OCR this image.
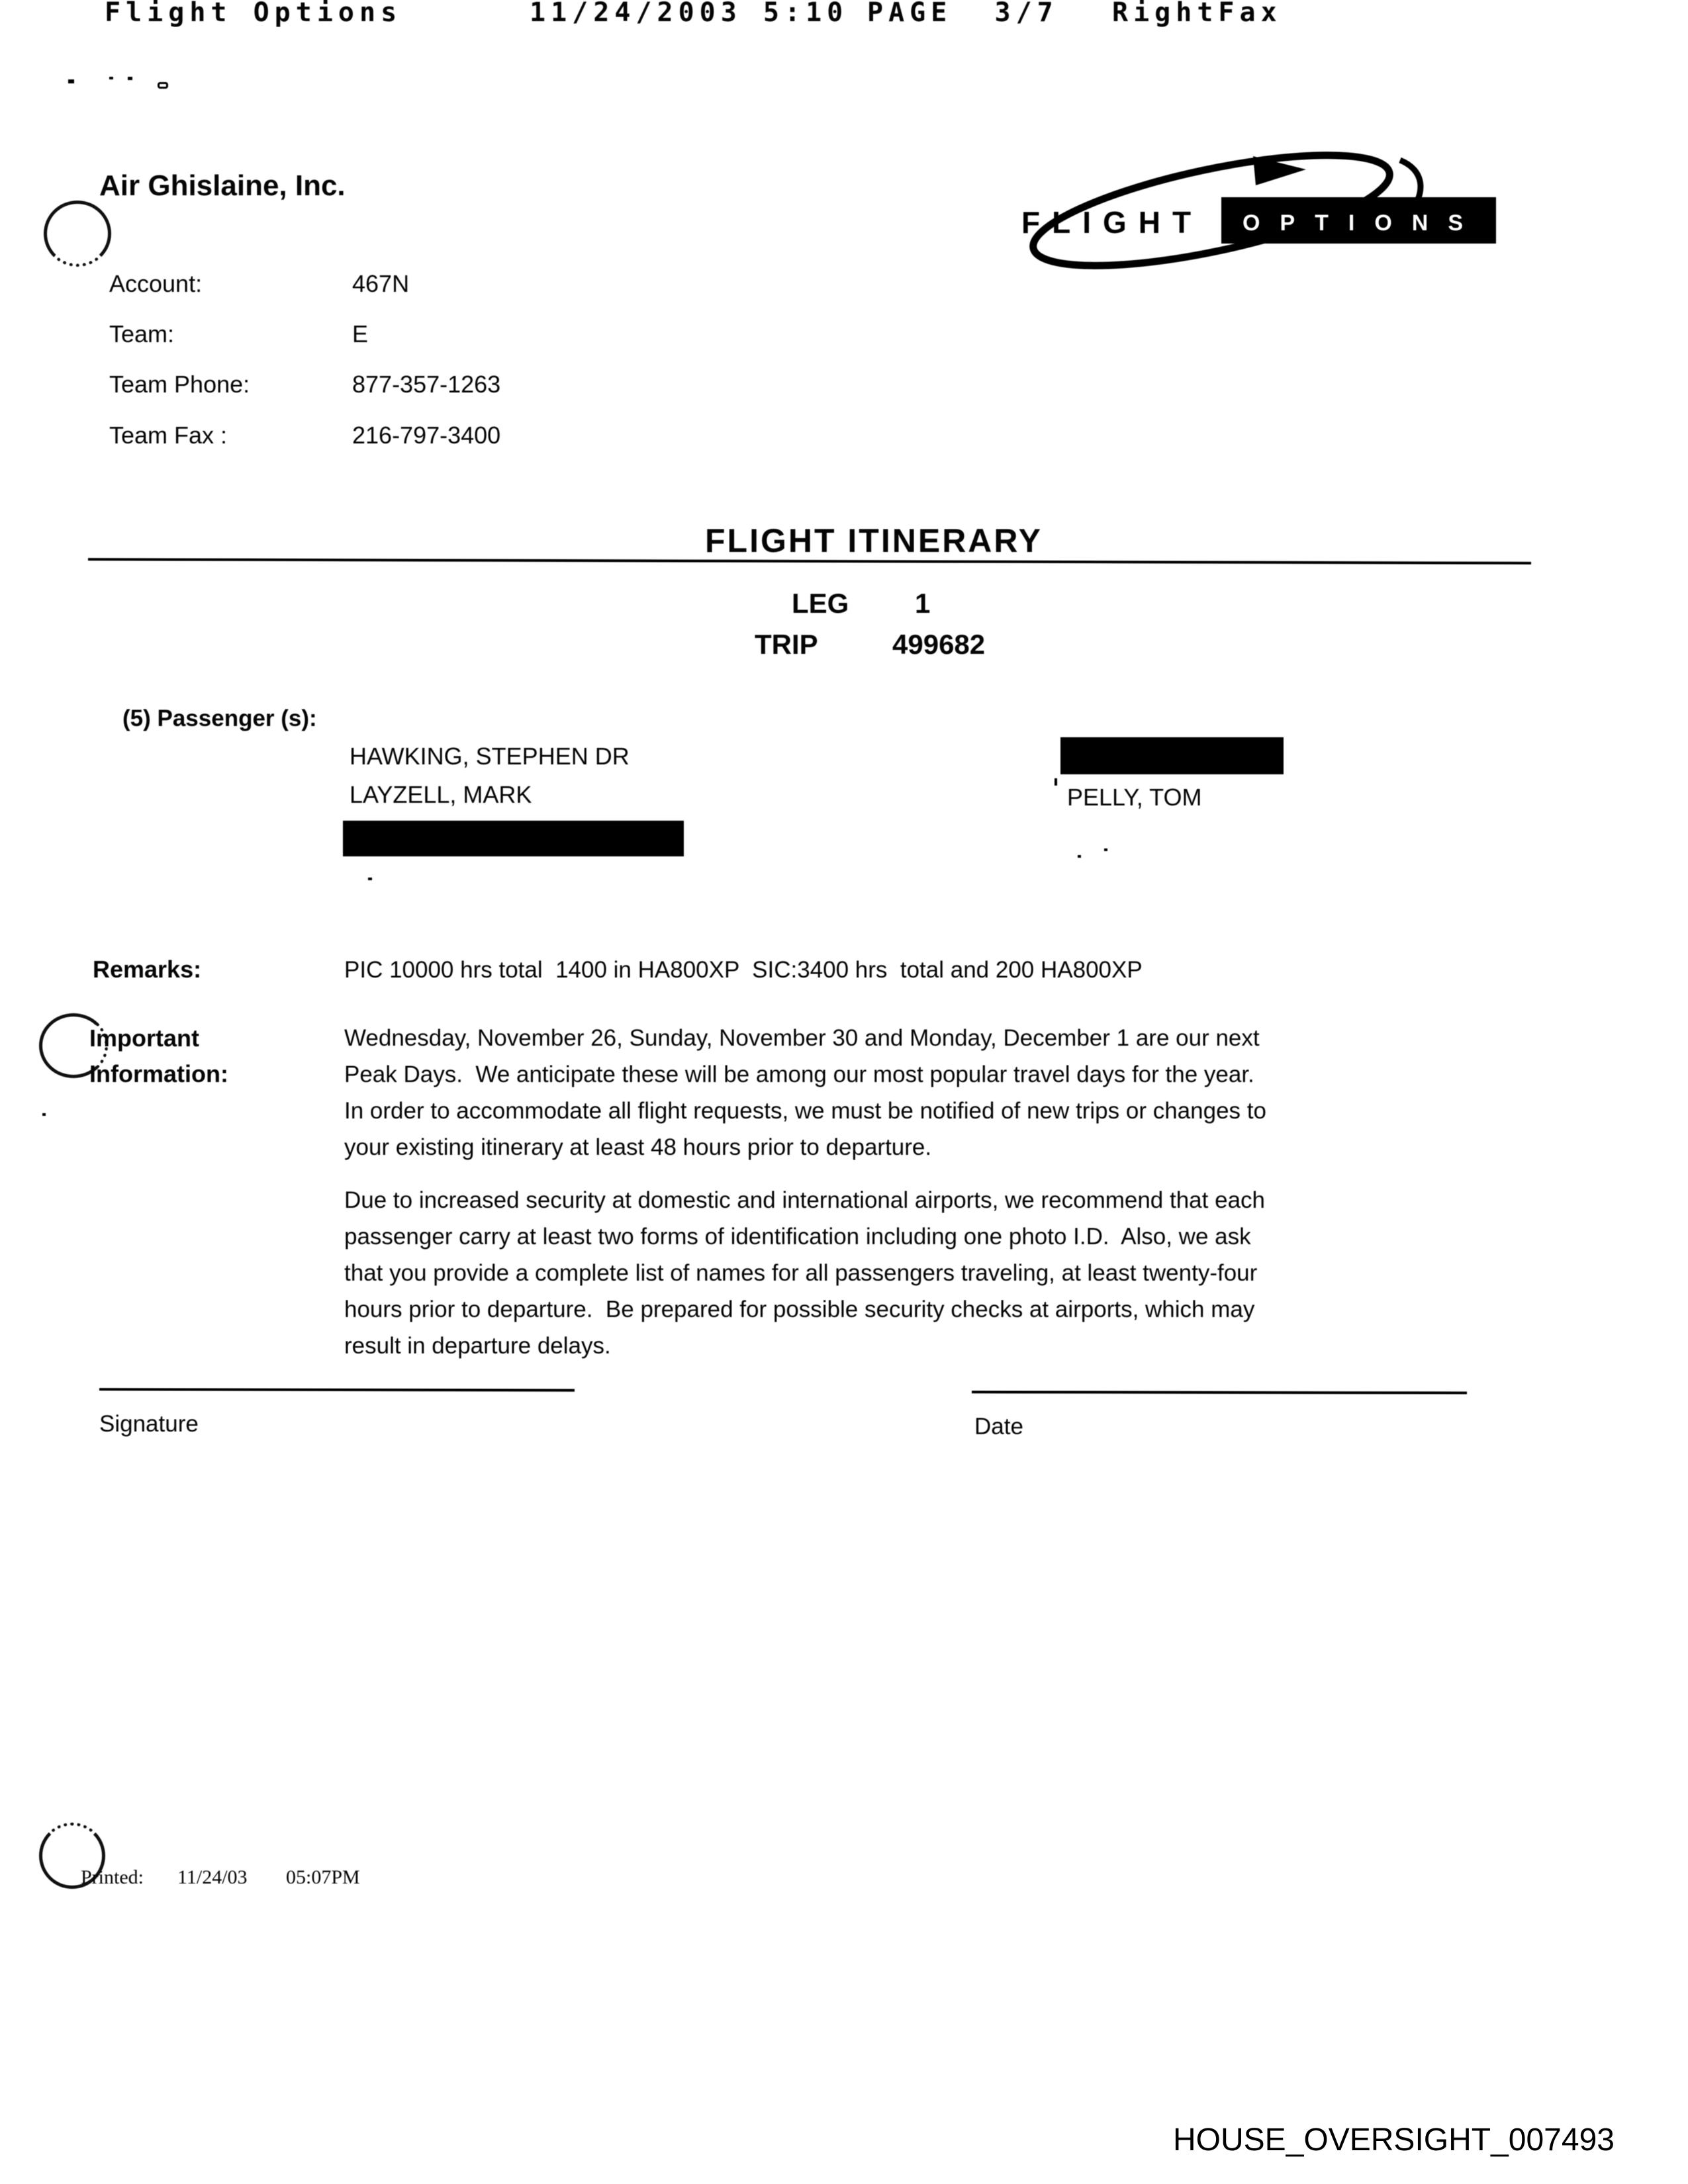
Flight Options	11/24/2003 5:10 PAGE  3/7 RightFax
Air Ghislaine, Inc.
Account:	467N
Team:	E
Team Phone:	877-357-1263
Team Fax :	216-797-3400
FLIGHT OPTIONS
FLIGHT ITINERARY
LEG 1
TRIP	499682
(5) Passenger (s):
HAWKING, STEPHEN DR
LAYZELL, MARK	PELLY, TOM
Remarks:	PIC 10000 hrs total  1400 in HA800XP  SIC:3400 hrs  total and 200 HA800XP
Important
Information:
Wednesday, November 26, Sunday, November 30 and Monday, December 1 are our next
Peak Days.  We anticipate these will be among our most popular travel days for the year.
In order to accommodate all flight requests, we must be notified of new trips or changes to
your existing itinerary at least 48 hours prior to departure.
Due to increased security at domestic and international airports, we recommend that each
passenger carry at least two forms of identification including one photo I.D.  Also, we ask
that you provide a complete list of names for all passengers traveling, at least twenty-four
hours prior to departure.  Be prepared for possible security checks at airports, which may
result in departure delays.
Signature	Date
Printed: 11/24/03 05:07PM
HOUSE_OVERSIGHT_007493
